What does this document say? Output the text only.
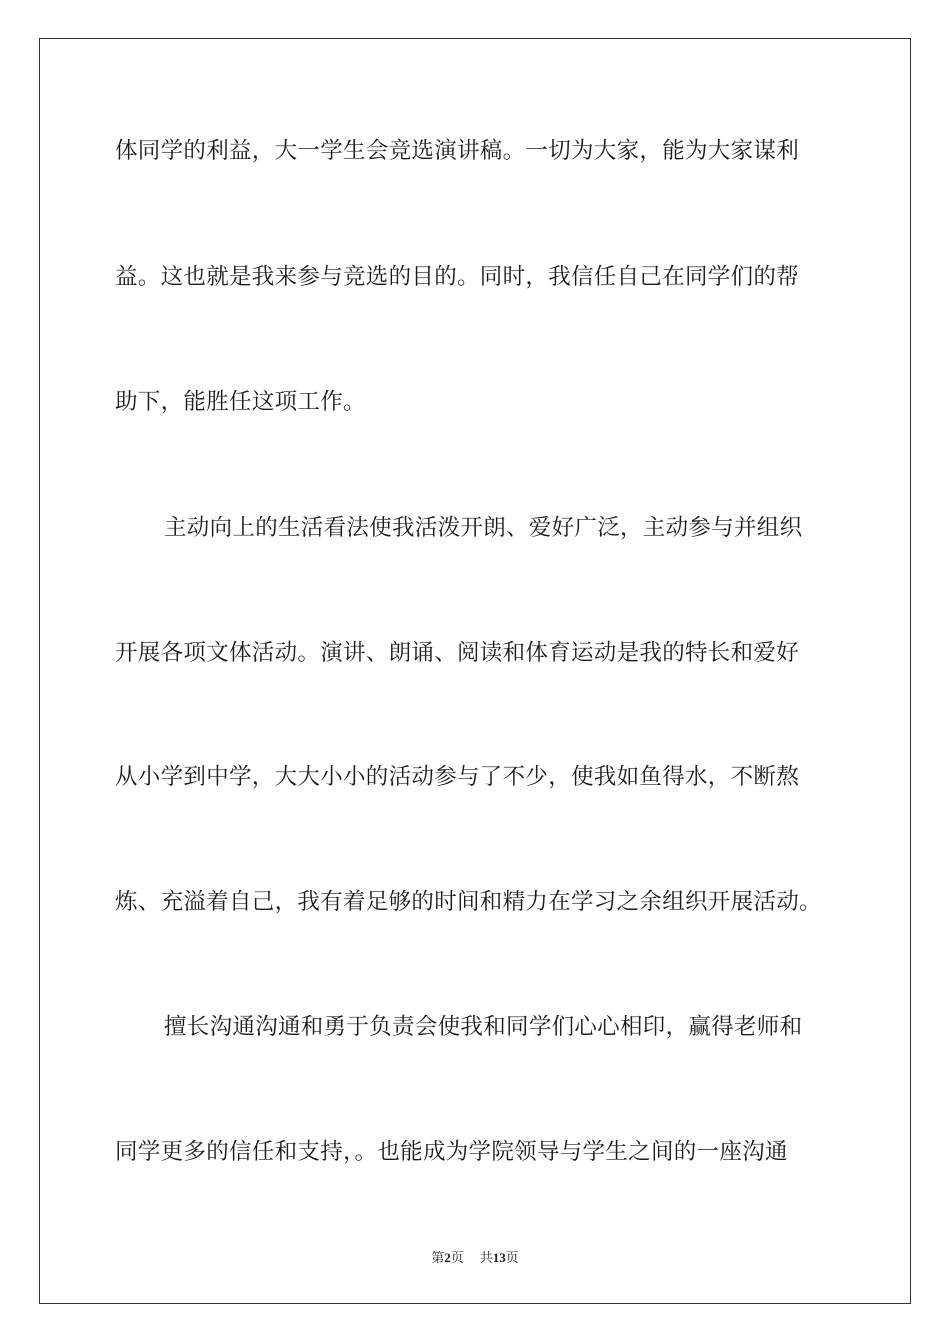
体同学的利益，大一学生会竞选演讲稿。一切为大家，能为大家谋利
益。这也就是我来参与竞选的目的。同时，我信任自己在同学们的帮
助下，能胜任这项工作。
主动向上的生活看法使我活泼开朗、爱好广泛，主动参与并组织
开展各项文体活动。演讲、朗诵、阅读和体育运动是我的特长和爱好
从小学到中学，大大小小的活动参与了不少，使我如鱼得水，不断熬
炼、充溢着自己，我有着足够的时间和精力在学习之余组织开展活动。
擅长沟通沟通和勇于负责会使我和同学们心心相印，赢得老师和
同学更多的信任和支持，。也能成为学院领导与学生之间的一座沟通
第2页 共13页
